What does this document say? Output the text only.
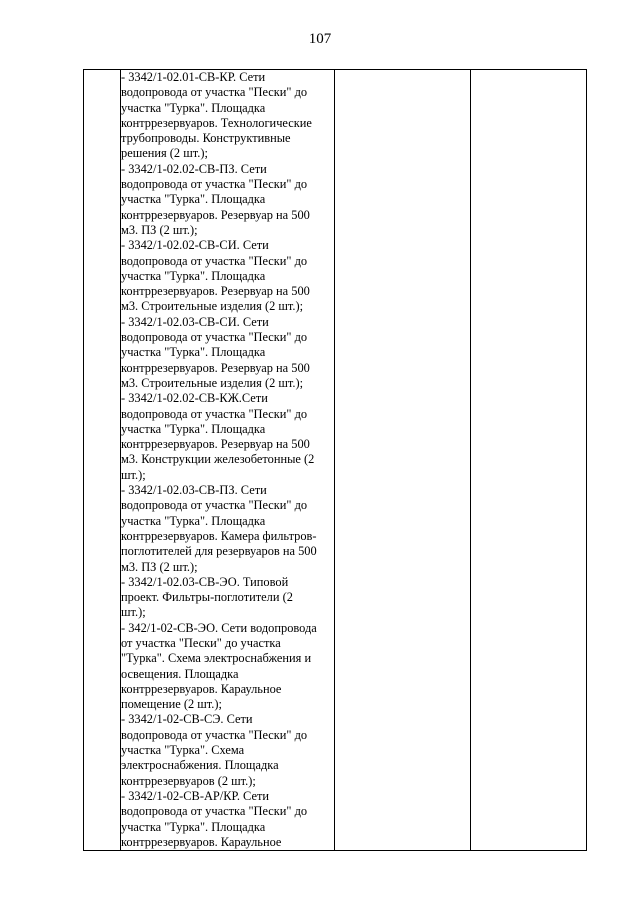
107

- 3342/1-02.01-СВ-КР. Сети
водопровода от участка "Пески" до
участка "Турка". Площадка
контррезервуаров. Технологические
трубопроводы. Конструктивные
решения (2 шт.);
- 3342/1-02.02-СВ-ПЗ. Сети
водопровода от участка "Пески" до
участка "Турка". Площадка
контррезервуаров. Резервуар на 500
м3. ПЗ (2 шт.);
- 3342/1-02.02-СВ-СИ. Сети
водопровода от участка "Пески" до
участка "Турка". Площадка
контррезервуаров. Резервуар на 500
м3. Строительные изделия (2 шт.);
- 3342/1-02.03-СВ-СИ. Сети
водопровода от участка "Пески" до
участка "Турка". Площадка
контррезервуаров. Резервуар на 500
м3. Строительные изделия (2 шт.);
- 3342/1-02.02-СВ-КЖ.Сети
водопровода от участка "Пески" до
участка "Турка". Площадка
контррезервуаров. Резервуар на 500
м3. Конструкции железобетонные (2
шт.);
- 3342/1-02.03-СВ-ПЗ. Сети
водопровода от участка "Пески" до
участка "Турка". Площадка
контррезервуаров. Камера фильтров-
поглотителей для резервуаров на 500
м3. ПЗ (2 шт.);
- 3342/1-02.03-СВ-ЭО. Типовой
проект. Фильтры-поглотители (2
шт.);
- 342/1-02-СВ-ЭО. Сети водопровода
от участка "Пески" до участка
"Турка". Схема электроснабжения и
освещения. Площадка
контррезервуаров. Караульное
помещение (2 шт.);
- 3342/1-02-СВ-СЭ. Сети
водопровода от участка "Пески" до
участка "Турка". Схема
электроснабжения. Площадка
контррезервуаров (2 шт.);
- 3342/1-02-СВ-АР/КР. Сети
водопровода от участка "Пески" до
участка "Турка". Площадка
контррезервуаров. Караульное
